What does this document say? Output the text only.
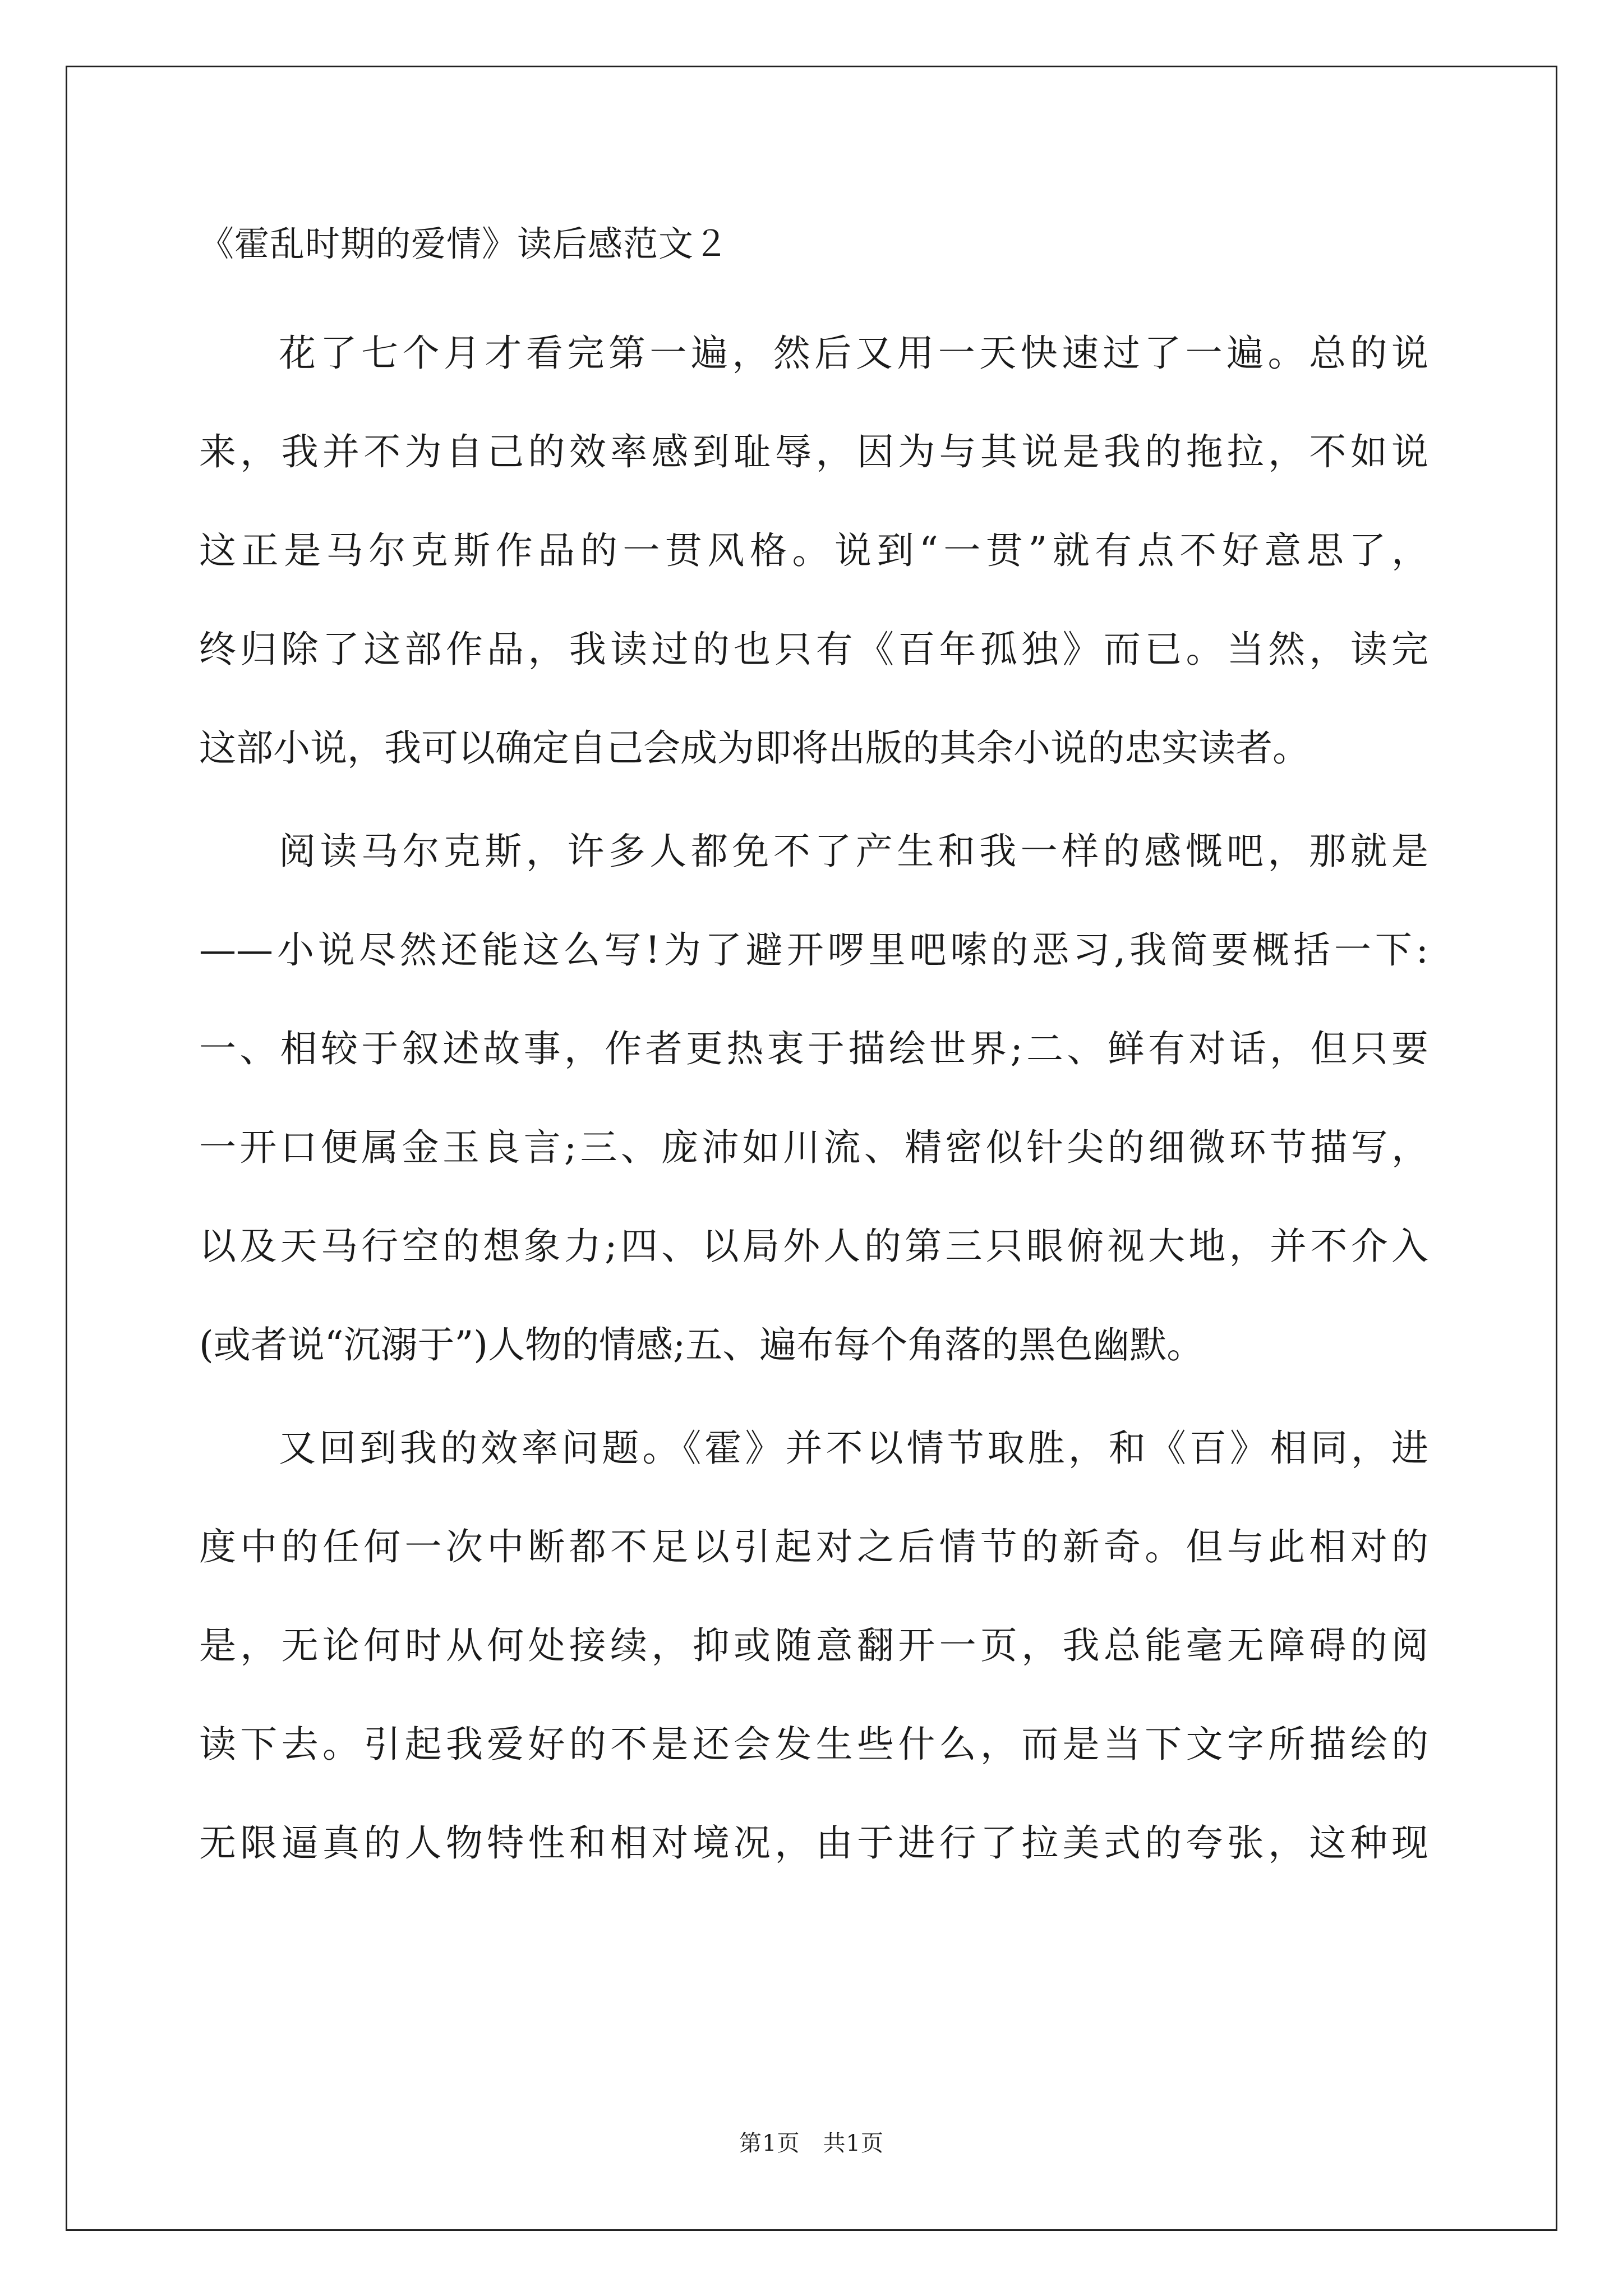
《霍乱时期的爱情》读后感范文２
花了七个月才看完第一遍，然后又用一天快速过了一遍。总的说
来，我并不为自己的效率感到耻辱，因为与其说是我的拖拉，不如说
这正是马尔克斯作品的一贯风格。说到“一贯”就有点不好意思了，
终归除了这部作品，我读过的也只有《百年孤独》而已。当然，读完
这部小说，我可以确定自己会成为即将出版的其余小说的忠实读者。
阅读马尔克斯，许多人都免不了产生和我一样的感慨吧，那就是
——小说尽然还能这么写!为了避开啰里吧嗦的恶习,我简要概括一下:
一、相较于叙述故事，作者更热衷于描绘世界;二、鲜有对话，但只要
一开口便属金玉良言;三、庞沛如川流、精密似针尖的细微环节描写，
以及天马行空的想象力;四、以局外人的第三只眼俯视大地，并不介入
(或者说“沉溺于”)人物的情感;五、遍布每个角落的黑色幽默。
又回到我的效率问题。《霍》并不以情节取胜，和《百》相同，进
度中的任何一次中断都不足以引起对之后情节的新奇。但与此相对的
是，无论何时从何处接续，抑或随意翻开一页，我总能毫无障碍的阅
读下去。引起我爱好的不是还会发生些什么，而是当下文字所描绘的
无限逼真的人物特性和相对境况，由于进行了拉美式的夸张，这种现
第1页　共1页
